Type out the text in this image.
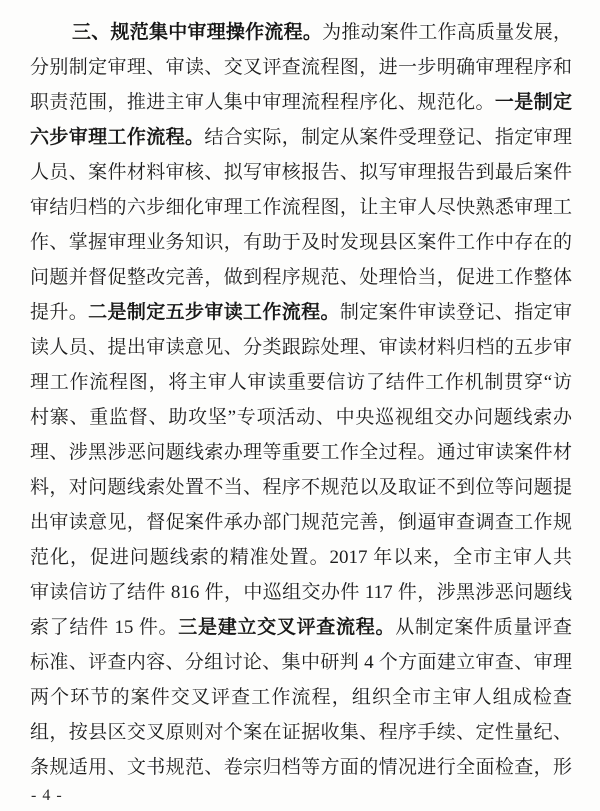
三、规范集中审理操作流程。为推动案件工作高质量发展，
分别制定审理、审读、交叉评查流程图，进一步明确审理程序和
职责范围，推进主审人集中审理流程程序化、规范化。一是制定
六步审理工作流程。结合实际，制定从案件受理登记、指定审理
人员、案件材料审核、拟写审核报告、拟写审理报告到最后案件
审结归档的六步细化审理工作流程图，让主审人尽快熟悉审理工
作、掌握审理业务知识，有助于及时发现县区案件工作中存在的
问题并督促整改完善，做到程序规范、处理恰当，促进工作整体
提升。二是制定五步审读工作流程。制定案件审读登记、指定审
读人员、提出审读意见、分类跟踪处理、审读材料归档的五步审
理工作流程图，将主审人审读重要信访了结件工作机制贯穿“访
村寨、重监督、助攻坚”专项活动、中央巡视组交办问题线索办
理、涉黑涉恶问题线索办理等重要工作全过程。通过审读案件材
料，对问题线索处置不当、程序不规范以及取证不到位等问题提
出审读意见，督促案件承办部门规范完善，倒逼审查调查工作规
范化，促进问题线索的精准处置。2017 年以来，全市主审人共
审读信访了结件 816 件，中巡组交办件 117 件，涉黑涉恶问题线
索了结件 15 件。三是建立交叉评查流程。从制定案件质量评查
标准、评查内容、分组讨论、集中研判 4 个方面建立审查、审理
两个环节的案件交叉评查工作流程，组织全市主审人组成检查
组，按县区交叉原则对个案在证据收集、程序手续、定性量纪、
条规适用、文书规范、卷宗归档等方面的情况进行全面检查，形
- 4 -
